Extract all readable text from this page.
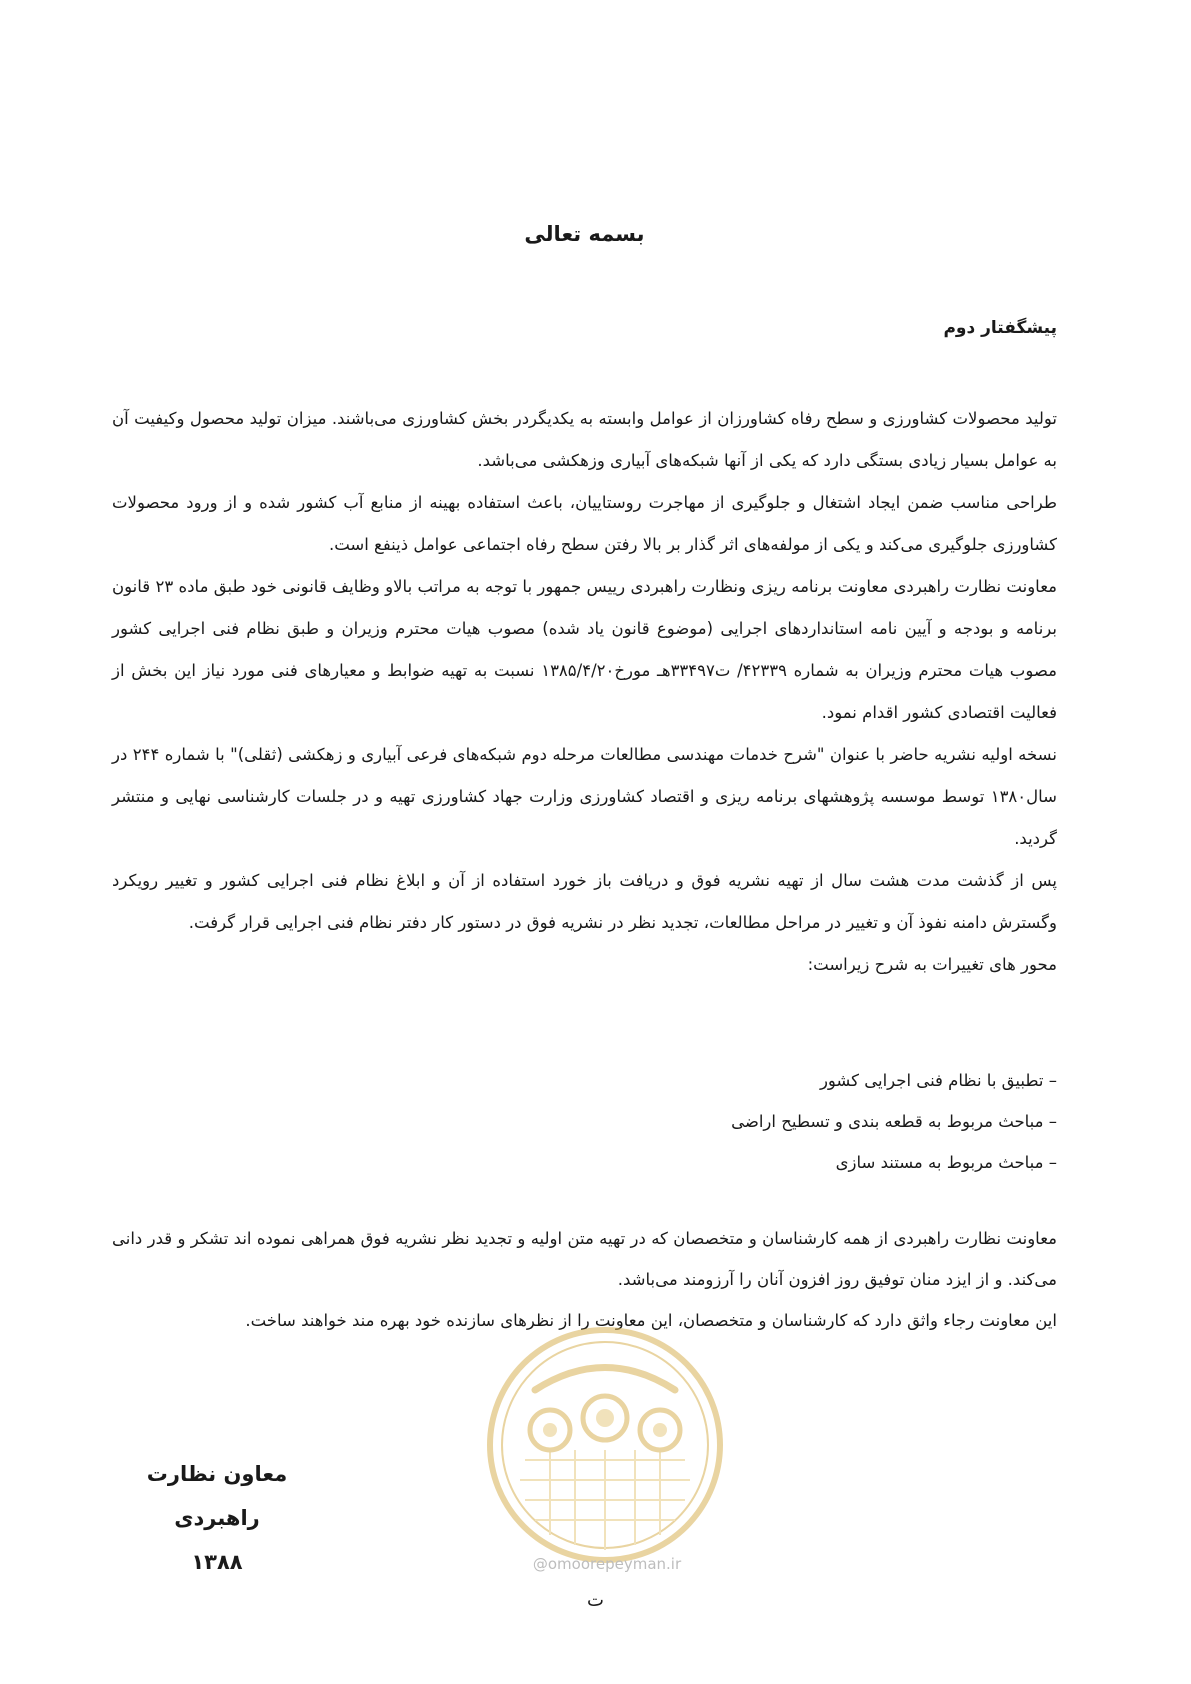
بسمه تعالی
پیشگفتار دوم

تولید محصولات کشاورزی و سطح رفاه کشاورزان از عوامل وابسته به یکدیگردر بخش کشاورزی می‌باشند. میزان تولید محصول وکیفیت آن به عوامل بسیار زیادی بستگی دارد که یکی از آنها شبکه‌های آبیاری وزهکشی می‌باشد.

طراحی مناسب ضمن ایجاد اشتغال و جلوگیری از مهاجرت روستاییان، باعث استفاده بهینه از منابع آب کشور شده و از ورود محصولات کشاورزی جلوگیری می‌کند و یکی از مولفه‌های اثر گذار بر بالا رفتن سطح رفاه اجتماعی عوامل ذینفع است.

معاونت نظارت راهبردی معاونت برنامه ریزی ونظارت راهبردی رییس جمهور با توجه به مراتب بالاو وظایف قانونی خود طبق ماده ۲۳ قانون برنامه و بودجه و آیین نامه استانداردهای اجرایی (موضوع قانون یاد شده) مصوب هیات محترم وزیران و طبق نظام فنی اجرایی کشور مصوب هیات محترم وزیران به شماره ۴۲۳۳۹/ ت۳۳۴۹۷هـ مورخ۱۳۸۵/۴/۲۰ نسبت به تهیه ضوابط و معیارهای فنی مورد نیاز این بخش از فعالیت اقتصادی کشور اقدام نمود.

نسخه اولیه نشریه حاضر با عنوان "شرح خدمات مهندسی مطالعات مرحله دوم شبکه‌های فرعی آبیاری و زهکشی (ثقلی)" با شماره ۲۴۴ در سال۱۳۸۰ توسط موسسه پژوهشهای برنامه ریزی و اقتصاد کشاورزی وزارت جهاد کشاورزی تهیه و در جلسات کارشناسی نهایی و منتشر گردید.

پس از گذشت مدت هشت سال از تهیه نشریه فوق و دریافت باز خورد استفاده از آن و ابلاغ نظام فنی اجرایی کشور و تغییر رویکرد وگسترش دامنه نفوذ آن و تغییر در مراحل مطالعات، تجدید نظر در نشریه فوق در دستور کار دفتر نظام فنی اجرایی قرار گرفت.

محور های تغییرات به شرح زیراست:

– تطبیق با نظام فنی اجرایی کشور
– مباحث مربوط به قطعه بندی و تسطیح اراضی
– مباحث مربوط به مستند سازی

معاونت نظارت راهبردی از همه کارشناسان و متخصصان که در تهیه متن اولیه و تجدید نظر نشریه فوق همراهی نموده اند تشکر و قدر دانی می‌کند. و از ایزد منان توفیق روز افزون آنان را آرزومند می‌باشد.

این معاونت رجاء واثق دارد که کارشناسان و متخصصان، این معاونت را از نظرهای سازنده خود بهره مند خواهند ساخت.

@omoorepeyman.ir
معاون نظارت راهبردی
۱۳۸۸
ت
